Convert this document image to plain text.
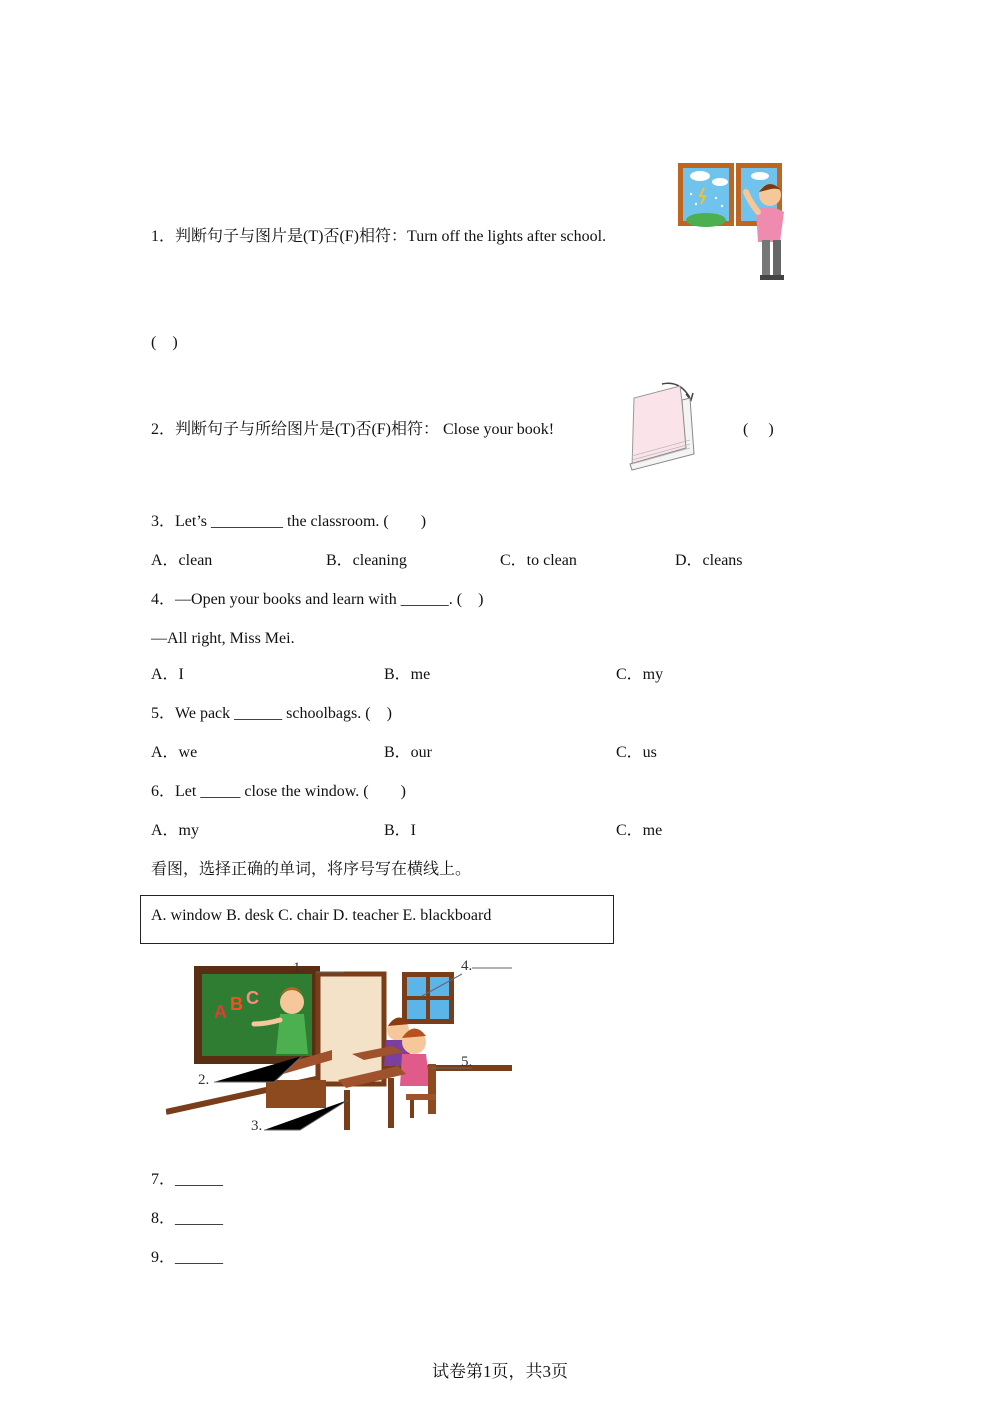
1．判断句子与图片是(T)否(F)相符：Turn off the lights after school.
(　)
2．判断句子与所给图片是(T)否(F)相符： Close your book!	(　 )
3．Let’s _________ the classroom. (　　)
A．clean	B．cleaning	C．to clean	D．cleans
4．—Open your books and learn with ______. (　)
—All right, Miss Mei.
A．I	B．me	C．my
5．We pack ______ schoolbags. (　)
A．we	B．our	C．us
6．Let _____ close the window. (　　)
A．my	B．I	C．me
看图，选择正确的单词，将序号写在横线上。
A. window B. desk C. chair D. teacher E. blackboard
A B C
1.
2.
3.
4.
5.
7．______
8．______
9．______
试卷第1页，共3页
